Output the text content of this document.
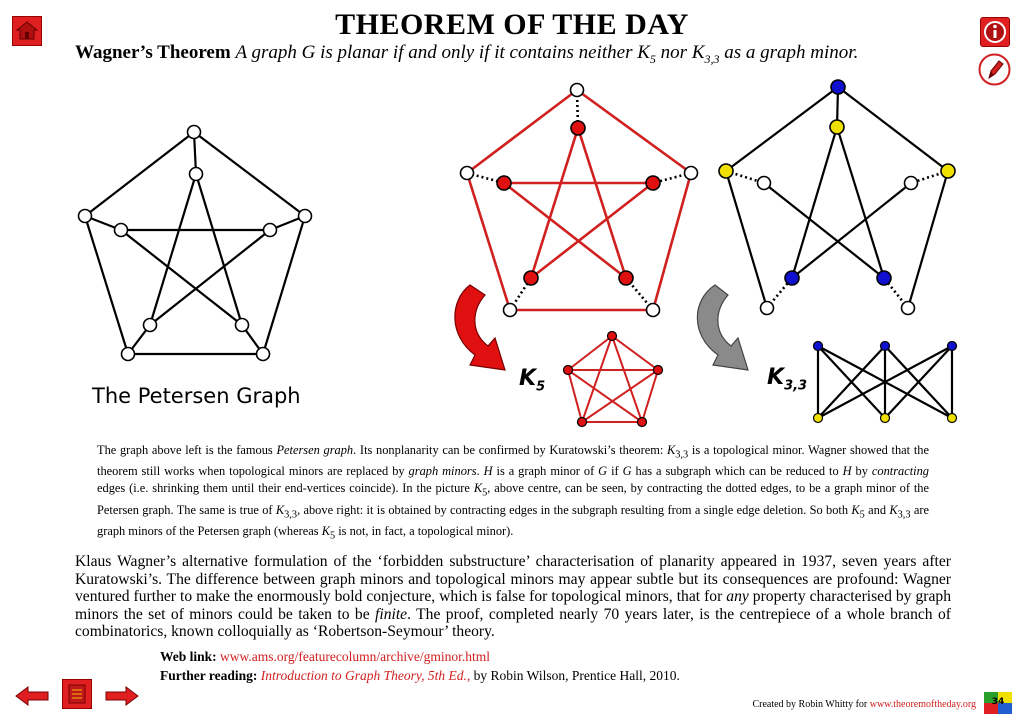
THEOREM OF THE DAY
Wagner’s Theorem A graph G is planar if and only if it contains neither $K_5$ nor $K_{3,3}$ as a graph minor.
The Petersen Graph
$K_5$	$K_{3,3}$
The graph above left is the famous Petersen graph. Its nonplanarity can be confirmed by Kuratowski’s theorem: $K_{3,3}$ is a topological minor. Wagner showed that the theorem still works when topological minors are replaced by graph minors. H is a graph minor of G if G has a subgraph which can be reduced to H by contracting edges (i.e. shrinking them until their end-vertices coincide). In the picture $K_5$, above centre, can be seen, by contracting the dotted edges, to be a graph minor of the Petersen graph. The same is true of $K_{3,3}$, above right: it is obtained by contracting edges in the subgraph resulting from a single edge deletion. So both $K_5$ and $K_{3,3}$ are graph minors of the Petersen graph (whereas $K_5$ is not, in fact, a topological minor).
Klaus Wagner’s alternative formulation of the ‘forbidden substructure’ characterisation of planarity appeared in 1937, seven years after Kuratowski’s. The difference between graph minors and topological minors may appear subtle but its consequences are profound: Wagner ventured further to make the enormously bold conjecture, which is false for topological minors, that for any property characterised by graph minors the set of minors could be taken to be finite. The proof, completed nearly 70 years later, is the centrepiece of a whole branch of combinatorics, known colloquially as ‘Robertson-Seymour’ theory.
Web link: www.ams.org/featurecolumn/archive/gminor.html
Further reading: Introduction to Graph Theory, 5th Ed., by Robin Wilson, Prentice Hall, 2010.
Created by Robin Whitty for www.theoremoftheday.org	34
